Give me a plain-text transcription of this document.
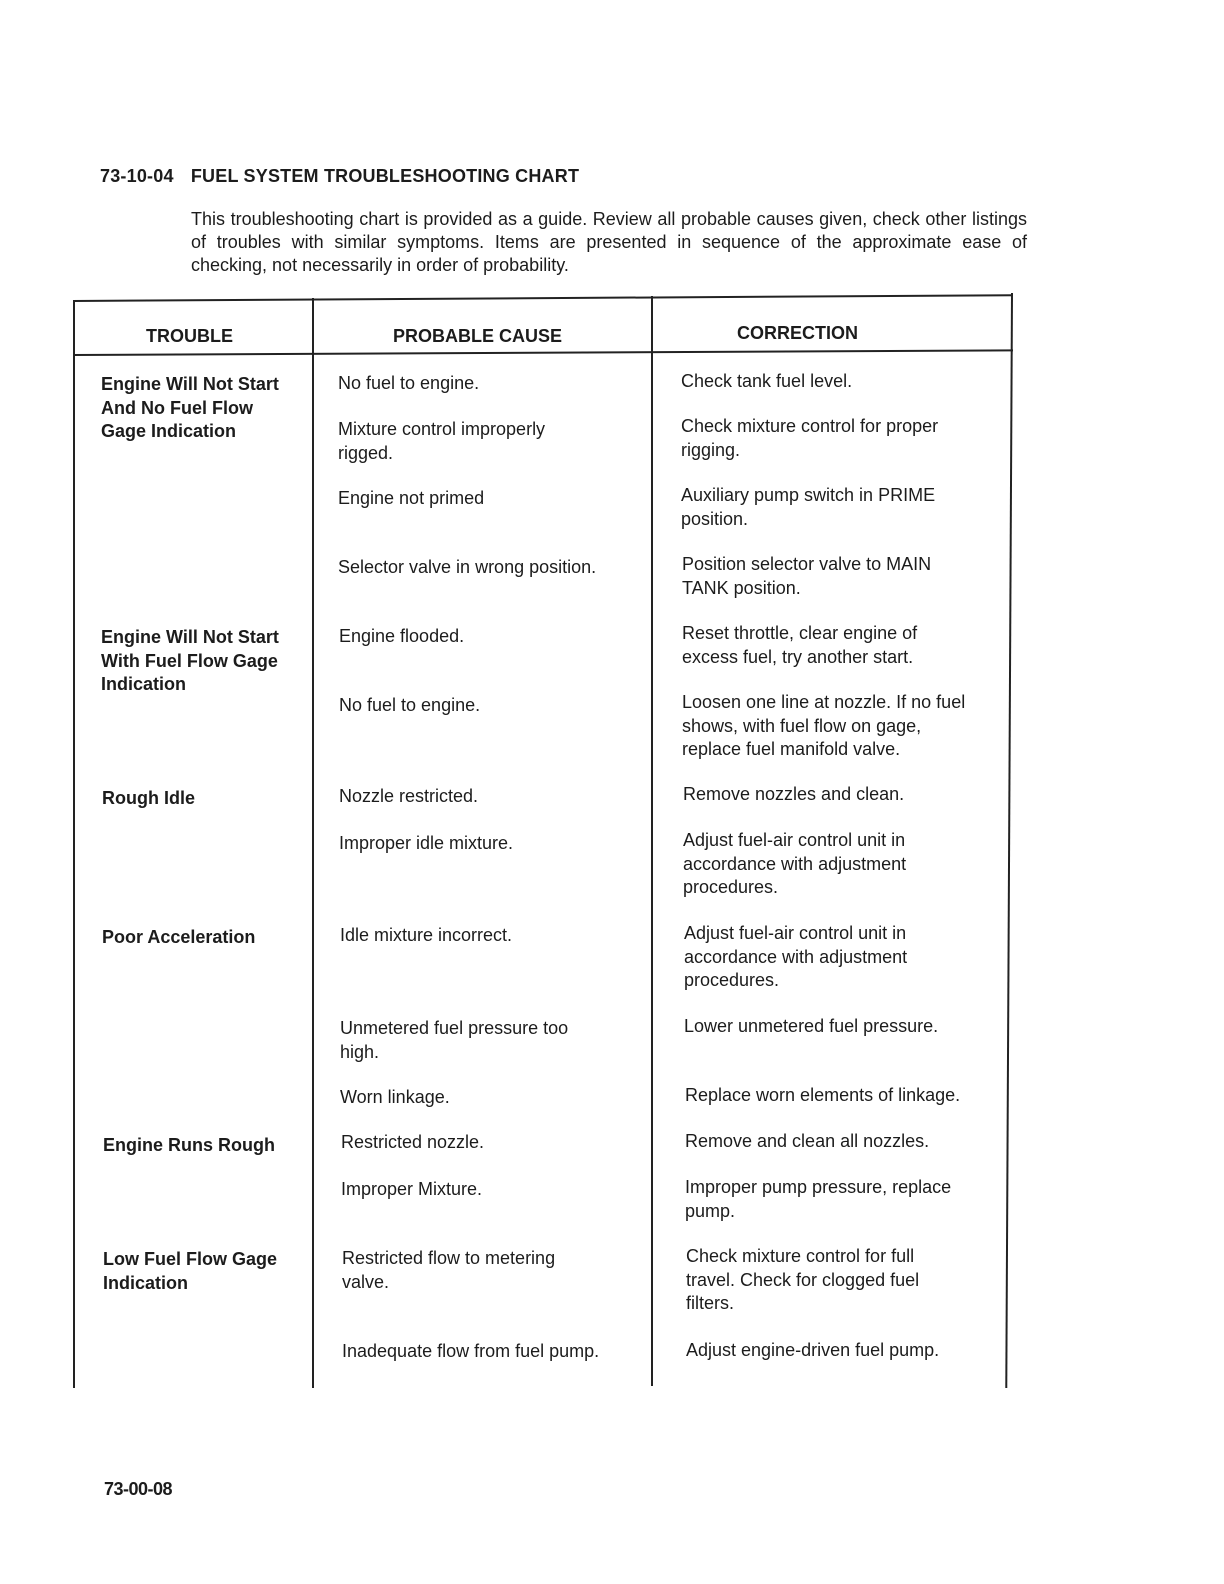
73-10-04 FUEL SYSTEM TROUBLESHOOTING CHART
This troubleshooting chart is provided as a guide. Review all probable causes given, check other listings of troubles with similar symptoms. Items are presented in sequence of the approximate ease of checking, not necessarily in order of probability.
TROUBLE	PROBABLE CAUSE	CORRECTION
Engine Will Not Start And No Fuel Flow Gage Indication
Engine Will Not Start With Fuel Flow Gage Indication
Rough Idle
Poor Acceleration
Engine Runs Rough
Low Fuel Flow Gage Indication
No fuel to engine.
Mixture control improperly rigged.
Engine not primed
Selector valve in wrong position.
Engine flooded.
No fuel to engine.
Nozzle restricted.
Improper idle mixture.
Idle mixture incorrect.
Unmetered fuel pressure too high.
Worn linkage.
Restricted nozzle.
Improper Mixture.
Restricted flow to metering valve.
Inadequate flow from fuel pump.
Check tank fuel level.
Check mixture control for proper rigging.
Auxiliary pump switch in PRIME position.
Position selector valve to MAIN TANK position.
Reset throttle, clear engine of excess fuel, try another start.
Loosen one line at nozzle. If no fuel shows, with fuel flow on gage, replace fuel manifold valve.
Remove nozzles and clean.
Adjust fuel-air control unit in accordance with adjustment procedures.
Adjust fuel-air control unit in accordance with adjustment procedures.
Lower unmetered fuel pressure.
Replace worn elements of linkage.
Remove and clean all nozzles.
Improper pump pressure, replace pump.
Check mixture control for full travel. Check for clogged fuel filters.
Adjust engine-driven fuel pump.
73-00-08
